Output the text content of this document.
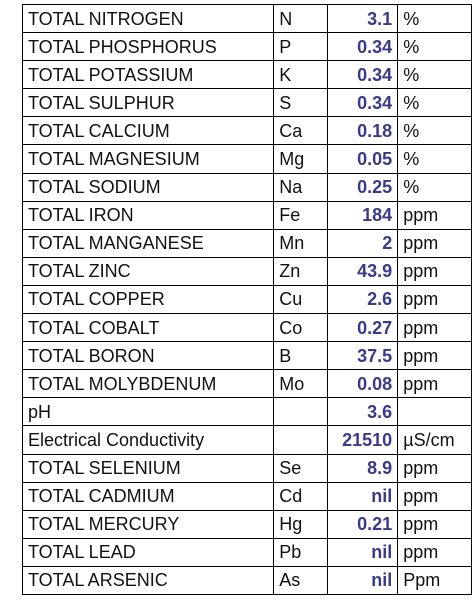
TOTAL NITROGEN	N	3.1	%
TOTAL PHOSPHORUS	P	0.34	%
TOTAL POTASSIUM	K	0.34	%
TOTAL SULPHUR	S	0.34	%
TOTAL CALCIUM	Ca	0.18	%
TOTAL MAGNESIUM	Mg	0.05	%
TOTAL SODIUM	Na	0.25	%
TOTAL IRON	Fe	184	ppm
TOTAL MANGANESE	Mn	2	ppm
TOTAL ZINC	Zn	43.9	ppm
TOTAL COPPER	Cu	2.6	ppm
TOTAL COBALT	Co	0.27	ppm
TOTAL BORON	B	37.5	ppm
TOTAL MOLYBDENUM	Mo	0.08	ppm
pH		3.6	
Electrical Conductivity		21510	µS/cm
TOTAL SELENIUM	Se	8.9	ppm
TOTAL CADMIUM	Cd	nil	ppm
TOTAL MERCURY	Hg	0.21	ppm
TOTAL LEAD	Pb	nil	ppm
TOTAL ARSENIC	As	nil	Ppm
